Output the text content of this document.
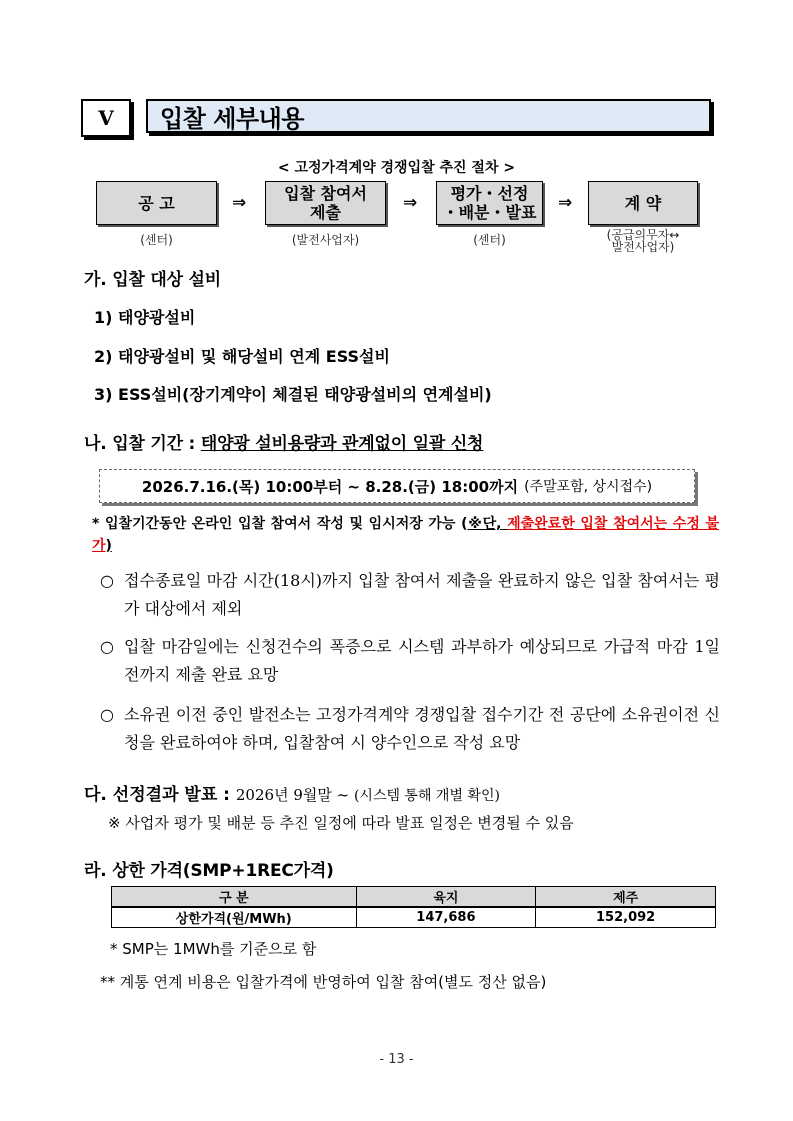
V	입찰 세부내용
< 고정가격계약 경쟁입찰 추진 절차 >
공 고	⇒ 입찰 참여서
제출	⇒	평가・선정
・배분・발표 ⇒	계 약
(센터)	(발전사업자)	(센터)	(공급의무자↔
발전사업자)
가. 입찰 대상 설비
1) 태양광설비
2) 태양광설비 및 해당설비 연계 ESS설비
3) ESS설비(장기계약이 체결된 태양광설비의 연계설비)
나. 입찰 기간 : 태양광 설비용량과 관계없이 일괄 신청
2026.7.16.(목) 10:00부터 ~ 8.28.(금) 18:00까지 (주말포함, 상시접수)
* 입찰기간동안 온라인 입찰 참여서 작성 및 임시저장 가능 (※단, 제출완료한 입찰 참여서는 수정 불가)
○ 접수종료일 마감 시간(18시)까지 입찰 참여서 제출을 완료하지 않은 입찰 참여서는 평가 대상에서 제외
○ 입찰 마감일에는 신청건수의 폭증으로 시스템 과부하가 예상되므로 가급적 마감 1일 전까지 제출 완료 요망
○ 소유권 이전 중인 발전소는 고정가격계약 경쟁입찰 접수기간 전 공단에 소유권이전 신청을 완료하여야 하며, 입찰참여 시 양수인으로 작성 요망
다. 선정결과 발표 : 2026년 9월말 ~ (시스템 통해 개별 확인)
※ 사업자 평가 및 배분 등 추진 일정에 따라 발표 일정은 변경될 수 있음
라. 상한 가격(SMP+1REC가격)
구 분	육지	제주
상한가격(원/MWh)	147,686	152,092
* SMP는 1MWh를 기준으로 함
** 계통 연계 비용은 입찰가격에 반영하여 입찰 참여(별도 정산 없음)
- 13 -
